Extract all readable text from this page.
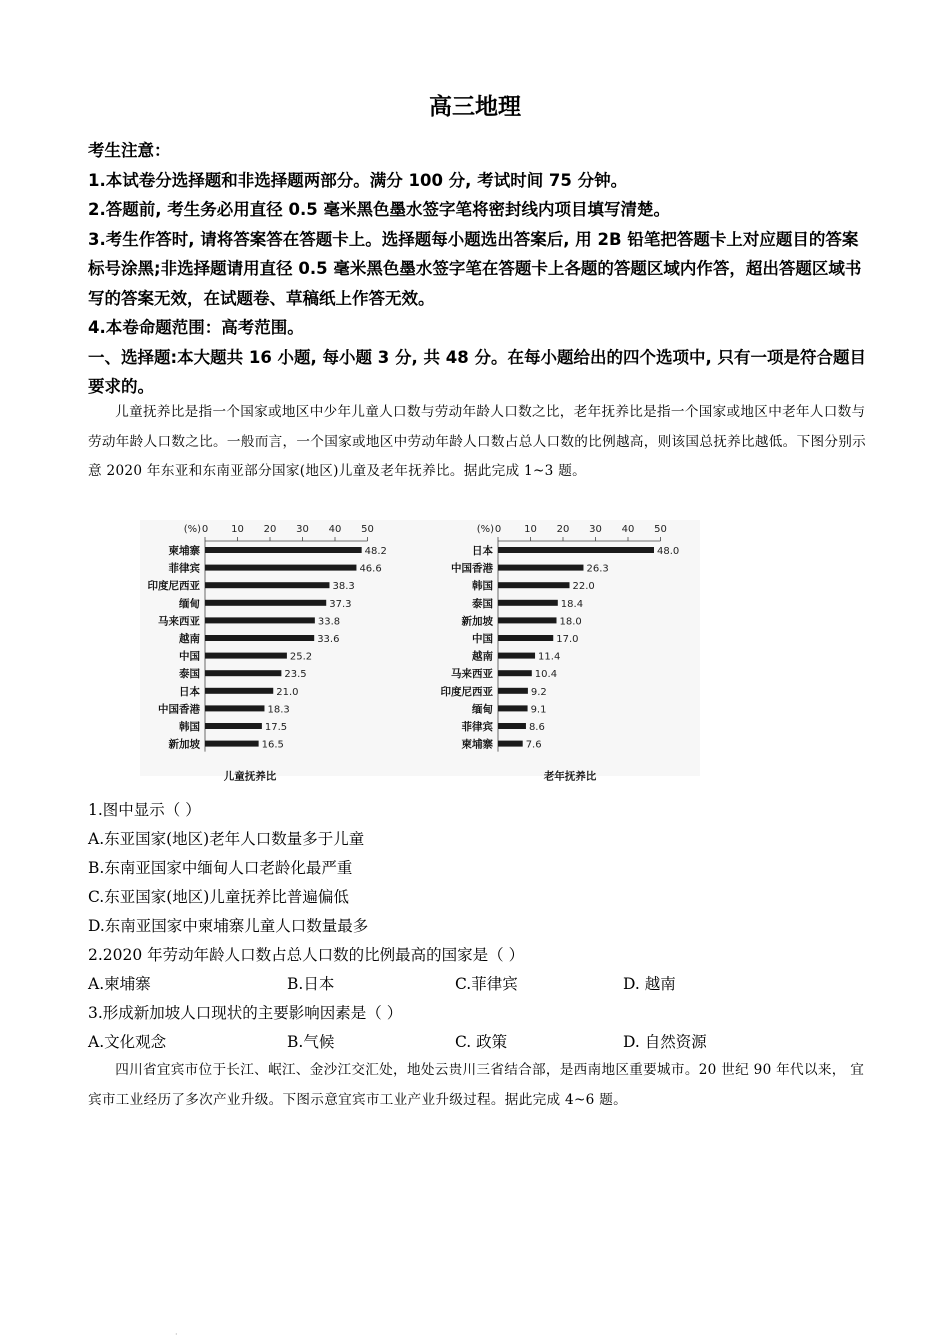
高三地理

考生注意：

1.本试卷分选择题和非选择题两部分。满分 100 分, 考试时间 75 分钟。

2.答题前, 考生务必用直径 0.5 毫米黑色墨水签字笔将密封线内项目填写清楚。

3.考生作答时, 请将答案答在答题卡上。选择题每小题选出答案后, 用 2B 铅笔把答题卡上对应题目的答案标号涂黑;非选择题请用直径 0.5 毫米黑色墨水签字笔在答题卡上各题的答题区域内作答，超出答题区域书写的答案无效，在试题卷、草稿纸上作答无效。

4.本卷命题范围：高考范围。

一、选择题:本大题共 16 小题, 每小题 3 分, 共 48 分。在每小题给出的四个选项中, 只有一项是符合题目要求的。

儿童抚养比是指一个国家或地区中少年儿童人口数与劳动年龄人口数之比，老年抚养比是指一个国家或地区中老年人口数与劳动年龄人口数之比。一般而言，一个国家或地区中劳动年龄人口数占总人口数的比例越高，则该国总抚养比越低。下图分别示意 2020 年东亚和东南亚部分国家(地区)儿童及老年抚养比。据此完成 1~3 题。

(%) 0 10 20 30 40 50
柬埔寨	48.2
菲律宾	46.6
印度尼西亚	38.3
缅甸	37.3
马来西亚	33.8
越南	33.6
中国	25.2
泰国	23.5
日本	21.0
中国香港	18.3
韩国	17.5
新加坡	16.5
儿童抚养比
(%) 0 10 20 30 40 50
日本	48.0
中国香港	26.3
韩国	22.0
泰国	18.4
新加坡	18.0
中国	17.0
越南	11.4
马来西亚	10.4
印度尼西亚	9.2
缅甸	9.1
菲律宾	8.6
柬埔寨	7.6
老年抚养比

1.图中显示（ ）

A.东亚国家(地区)老年人口数量多于儿童
B.东南亚国家中缅甸人口老龄化最严重
C.东亚国家(地区)儿童抚养比普遍偏低
D.东南亚国家中柬埔寨儿童人口数量最多

2.2020 年劳动年龄人口数占总人口数的比例最高的国家是（ ）

A.柬埔寨	B.日本	C.菲律宾	D. 越南

3.形成新加坡人口现状的主要影响因素是（ ）

A.文化观念	B.气候	C. 政策	D. 自然资源

四川省宜宾市位于长江、岷江、金沙江交汇处，地处云贵川三省结合部，是西南地区重要城市。20 世纪 90 年代以来， 宜宾市工业经历了多次产业升级。下图示意宜宾市工业产业升级过程。据此完成 4~6 题。

·
